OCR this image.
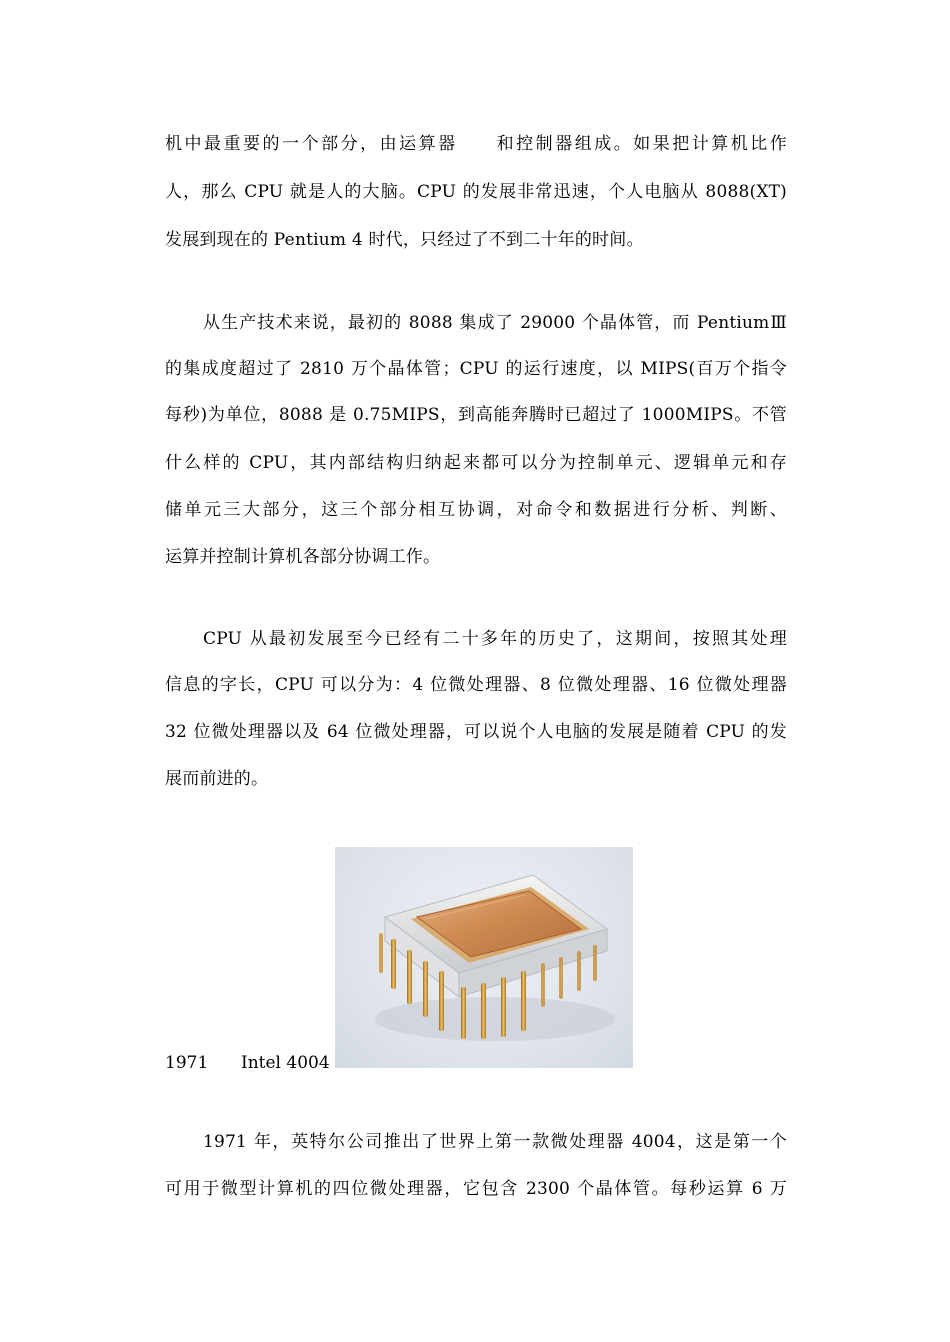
机中最重要的一个部分，由运算器　　和控制器组成。如果把计算机比作
人，那么 CPU 就是人的大脑。CPU 的发展非常迅速，个人电脑从 8088(XT)
发展到现在的 Pentium 4 时代，只经过了不到二十年的时间。
从生产技术来说，最初的 8088 集成了 29000 个晶体管，而 PentiumⅢ
的集成度超过了 2810 万个晶体管；CPU 的运行速度，以 MIPS(百万个指令
每秒)为单位，8088 是 0.75MIPS，到高能奔腾时已超过了 1000MIPS。不管
什么样的 CPU，其内部结构归纳起来都可以分为控制单元、逻辑单元和存
储单元三大部分，这三个部分相互协调，对命令和数据进行分析、判断、
运算并控制计算机各部分协调工作。
CPU 从最初发展至今已经有二十多年的历史了，这期间，按照其处理
信息的字长，CPU 可以分为：4 位微处理器、8 位微处理器、16 位微处理器
32 位微处理器以及 64 位微处理器，可以说个人电脑的发展是随着 CPU 的发
展而前进的。
1971 Intel 4004
1971 年，英特尔公司推出了世界上第一款微处理器 4004，这是第一个
可用于微型计算机的四位微处理器，它包含 2300 个晶体管。每秒运算 6 万
